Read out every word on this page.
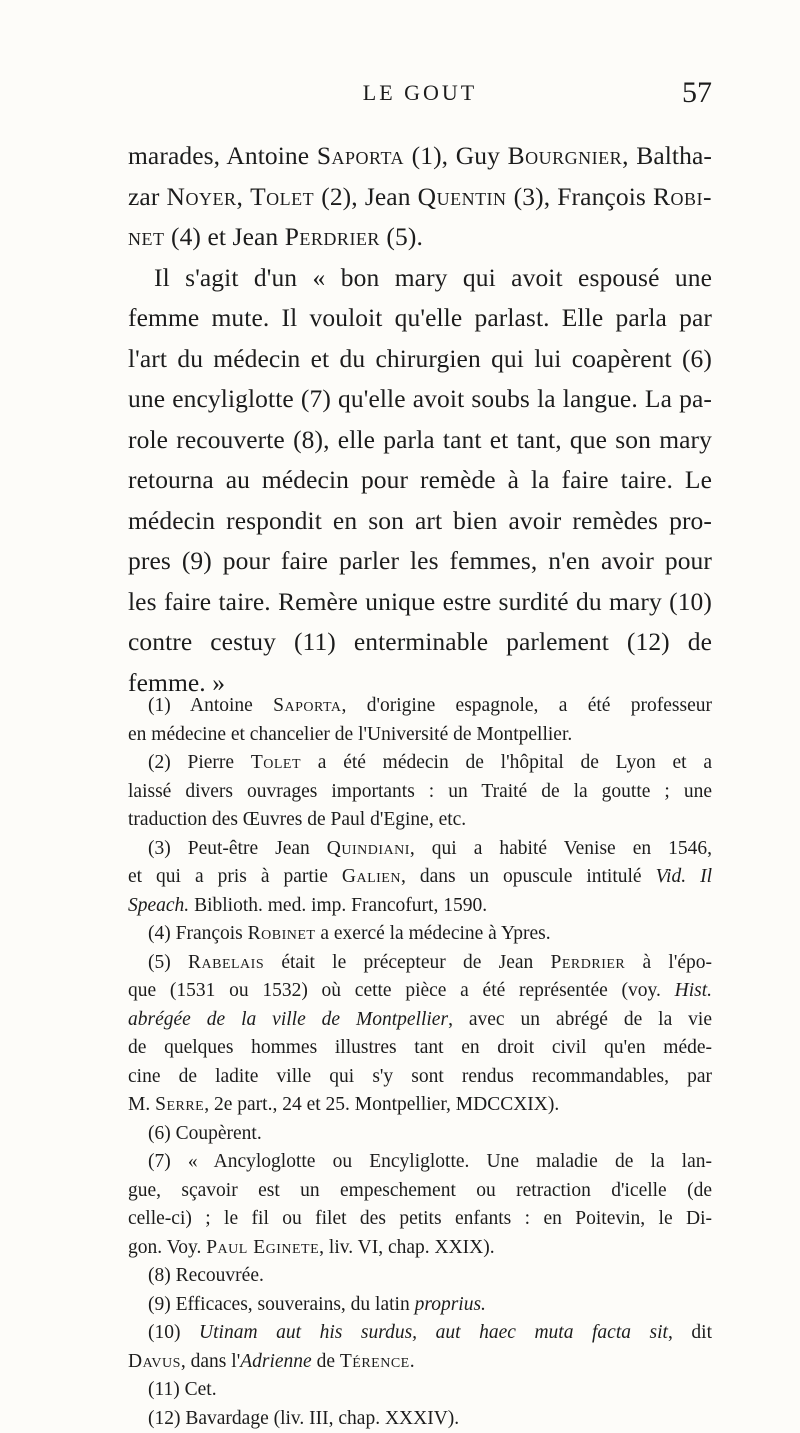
LE GOUT	57
marades, Antoine Saporta (1), Guy Bourgnier, Baltha-
zar Noyer, Tolet (2), Jean Quentin (3), François Robi-
net (4) et Jean Perdrier (5).
Il s'agit d'un « bon mary qui avoit espousé une
femme mute. Il vouloit qu'elle parlast. Elle parla par
l'art du médecin et du chirurgien qui lui coapèrent (6)
une encyliglotte (7) qu'elle avoit soubs la langue. La pa-
role recouverte (8), elle parla tant et tant, que son mary
retourna au médecin pour remède à la faire taire. Le
médecin respondit en son art bien avoir remèdes pro-
pres (9) pour faire parler les femmes, n'en avoir pour
les faire taire. Remère unique estre surdité du mary (10)
contre cestuy (11) enterminable parlement (12) de
femme. »
(1) Antoine Saporta, d'origine espagnole, a été professeur
en médecine et chancelier de l'Université de Montpellier.
(2) Pierre Tolet a été médecin de l'hôpital de Lyon et a
laissé divers ouvrages importants : un Traité de la goutte ; une
traduction des Œuvres de Paul d'Egine, etc.
(3) Peut-être Jean Quindiani, qui a habité Venise en 1546,
et qui a pris à partie Galien, dans un opuscule intitulé Vid. Il
Speach. Biblioth. med. imp. Francofurt, 1590.
(4) François Robinet a exercé la médecine à Ypres.
(5) Rabelais était le précepteur de Jean Perdrier à l'épo-
que (1531 ou 1532) où cette pièce a été représentée (voy. Hist.
abrégée de la ville de Montpellier, avec un abrégé de la vie
de quelques hommes illustres tant en droit civil qu'en méde-
cine de ladite ville qui s'y sont rendus recommandables, par
M. Serre, 2e part., 24 et 25. Montpellier, MDCCXIX).
(6) Coupèrent.
(7) « Ancyloglotte ou Encyliglotte. Une maladie de la lan-
gue, sçavoir est un empeschement ou retraction d'icelle (de
celle-ci) ; le fil ou filet des petits enfants : en Poitevin, le Di-
gon. Voy. Paul Eginete, liv. VI, chap. XXIX).
(8) Recouvrée.
(9) Efficaces, souverains, du latin proprius.
(10) Utinam aut his surdus, aut haec muta facta sit, dit
Davus, dans l'Adrienne de Térence.
(11) Cet.
(12) Bavardage (liv. III, chap. XXXIV).
